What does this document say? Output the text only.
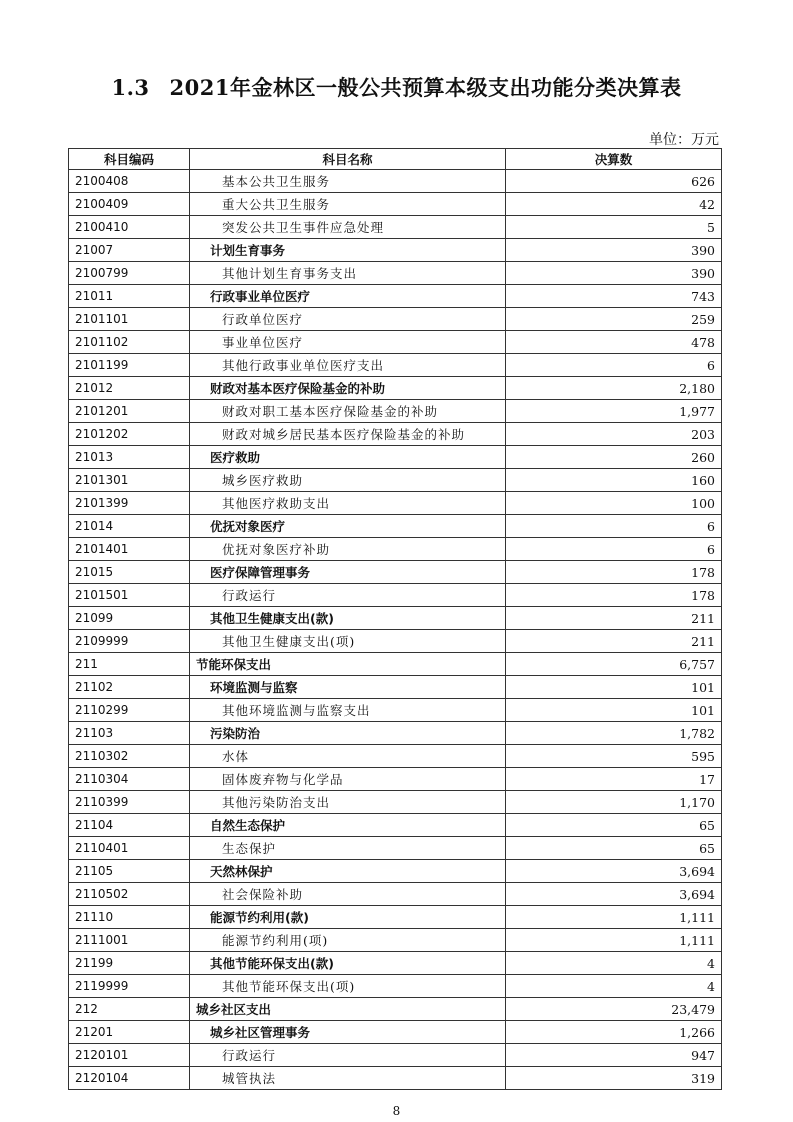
1.3 2021年金林区一般公共预算本级支出功能分类决算表
单位：万元
科目编码	科目名称	决算数
2100408	基本公共卫生服务	626
2100409	重大公共卫生服务	42
2100410	突发公共卫生事件应急处理	5
21007	计划生育事务	390
2100799	其他计划生育事务支出	390
21011	行政事业单位医疗	743
2101101	行政单位医疗	259
2101102	事业单位医疗	478
2101199	其他行政事业单位医疗支出	6
21012	财政对基本医疗保险基金的补助	2,180
2101201	财政对职工基本医疗保险基金的补助	1,977
2101202	财政对城乡居民基本医疗保险基金的补助	203
21013	医疗救助	260
2101301	城乡医疗救助	160
2101399	其他医疗救助支出	100
21014	优抚对象医疗	6
2101401	优抚对象医疗补助	6
21015	医疗保障管理事务	178
2101501	行政运行	178
21099	其他卫生健康支出(款)	211
2109999	其他卫生健康支出(项)	211
211	节能环保支出	6,757
21102	环境监测与监察	101
2110299	其他环境监测与监察支出	101
21103	污染防治	1,782
2110302	水体	595
2110304	固体废弃物与化学品	17
2110399	其他污染防治支出	1,170
21104	自然生态保护	65
2110401	生态保护	65
21105	天然林保护	3,694
2110502	社会保险补助	3,694
21110	能源节约利用(款)	1,111
2111001	能源节约利用(项)	1,111
21199	其他节能环保支出(款)	4
2119999	其他节能环保支出(项)	4
212	城乡社区支出	23,479
21201	城乡社区管理事务	1,266
2120101	行政运行	947
2120104	城管执法	319
8
